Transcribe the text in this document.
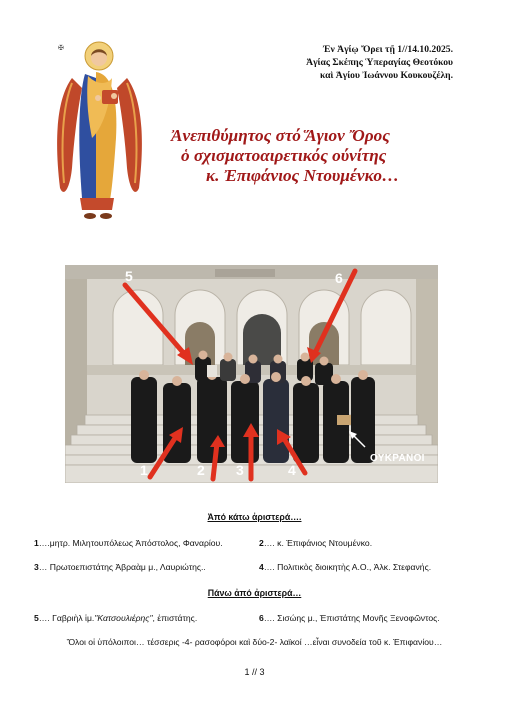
Ἐν Ἁγίῳ Ὄρει τῇ 1//14.10.2025.
Ἁγίας Σκέπης Ὑπεραγίας Θεοτόκου
καὶ Ἁγίου Ἰωάννου Κουκουζέλη.
✠
Ἀνεπιθύμητος στό Ἅγιον Ὄρος
ὁ σχισματοαιρετικός ούνίτης
κ. Ἐπιφάνιος Ντουμένκο…
ΟΥΚΡΑΝΟΙ
5	6
1	2 3	4
Ἀπό κάτω ἀριστερά….
1….μητρ. Μιλητουπόλεως Ἀπόστολος, Φαναρίου.	2…. κ. Ἐπιφάνιος Ντουμένκο.
3… Πρωτοεπιστάτης Ἀβραὰμ μ., Λαυριώτης..	4…. Πολιτικὸς διοικητὴς Α.Ο., Ἀλκ. Στεφανής.
Πάνω ἀπό ἀριστερά…
5…. Γαβριὴλ ἱμ."Κατσουλιέρης", ἐπιστάτης.	6…. Σισώης μ., Ἐπιστάτης Μονῆς Ξενοφῶντος.
Ὅλοι οἱ ὑπόλοιποι… τέσσερις -4- ρασοφόροι καὶ δύο-2- λαϊκοί …εἶναι συνοδεία τοῦ κ. Ἐπιφανίου…
1 // 3
